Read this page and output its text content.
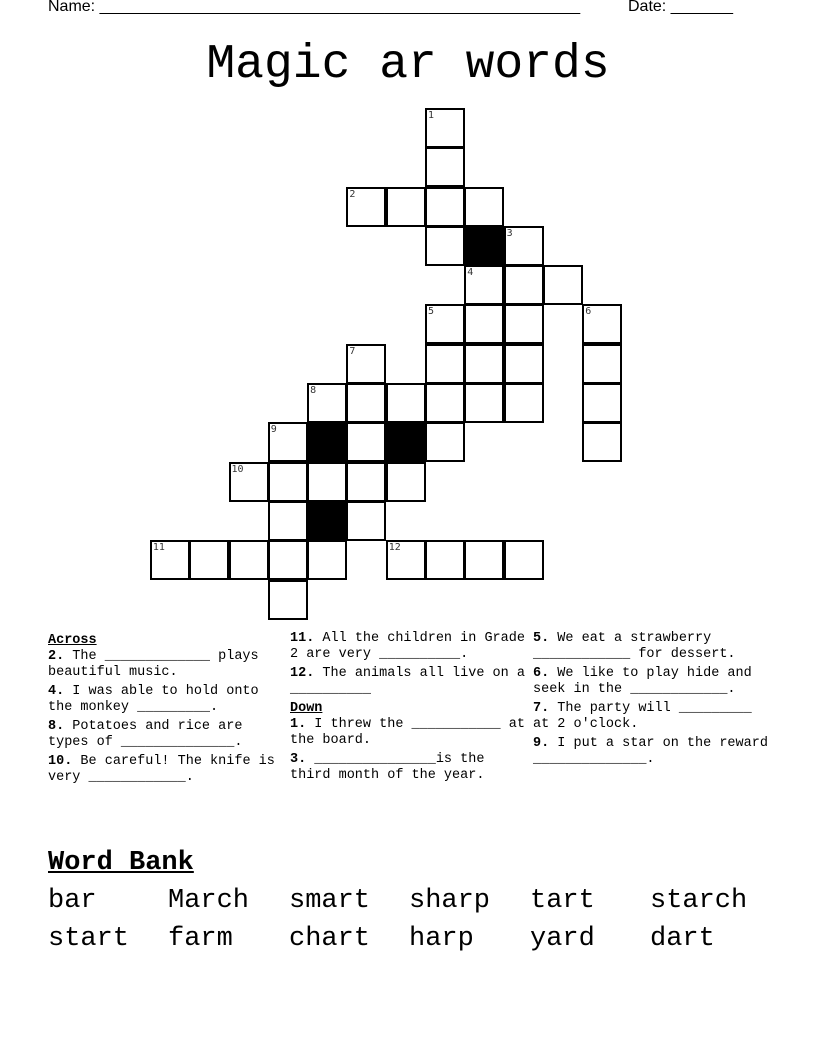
Name: ______________________________________________________	Date: _______
Magic ar words
1
2
3
4
5	6
7
8
9
10
11	12
Across
2. The _____________ plays beautiful music.
4. I was able to hold onto the monkey _________.
8. Potatoes and rice are types of ______________.
10. Be careful! The knife is very ____________.
11. All the children in Grade 2 are very __________.
12. The animals all live on a __________
Down
1. I threw the ___________ at the board.
3. _______________is the third month of the year.
5. We eat a strawberry ____________ for dessert.
6. We like to play hide and seek in the ____________.
7. The party will _________ at 2 o'clock.
9. I put a star on the reward ______________.
Word Bank
bar	March smart sharp tart starch
start farm chart harp yard dart
